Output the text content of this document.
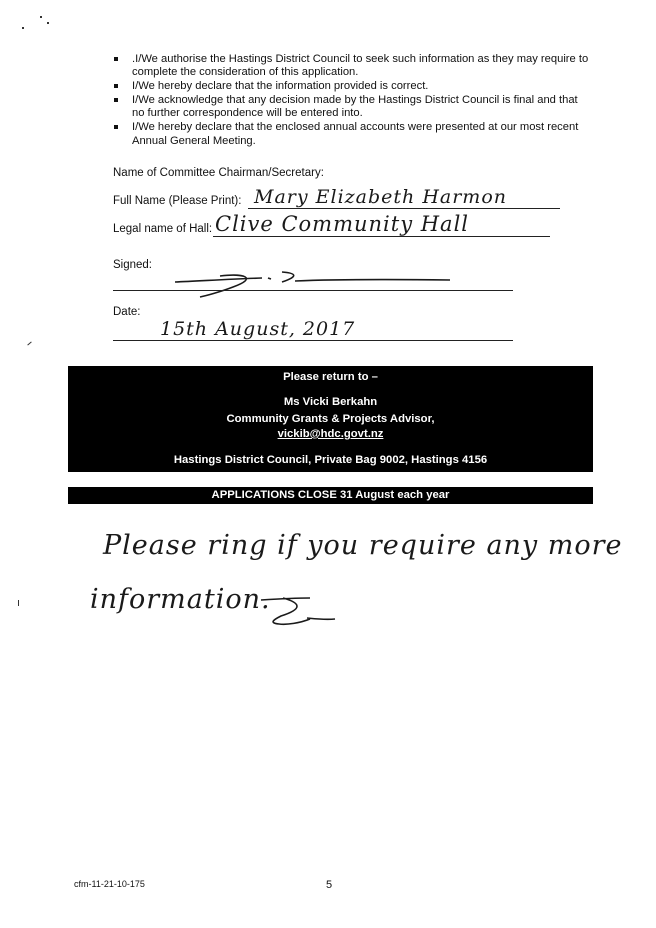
.I/We authorise the Hastings District Council to seek such information as they may require to complete the consideration of this application.
I/We hereby declare that the information provided is correct.
I/We acknowledge that any decision made by the Hastings District Council is final and that no further correspondence will be entered into.
I/We hereby declare that the enclosed annual accounts were presented at our most recent Annual General Meeting.
Name of Committee Chairman/Secretary:
Full Name (Please Print): Mary Elizabeth Harmon
Legal name of Hall: Clive Community Hall
Signed:
Date:
15th August, 2017
Please return to –
Ms Vicki Berkahn
Community Grants & Projects Advisor,
vickib@hdc.govt.nz
Hastings District Council, Private Bag 9002, Hastings 4156
APPLICATIONS CLOSE 31 August each year
Please ring if you require any more
information.
cfm-11-21-10-175	5
